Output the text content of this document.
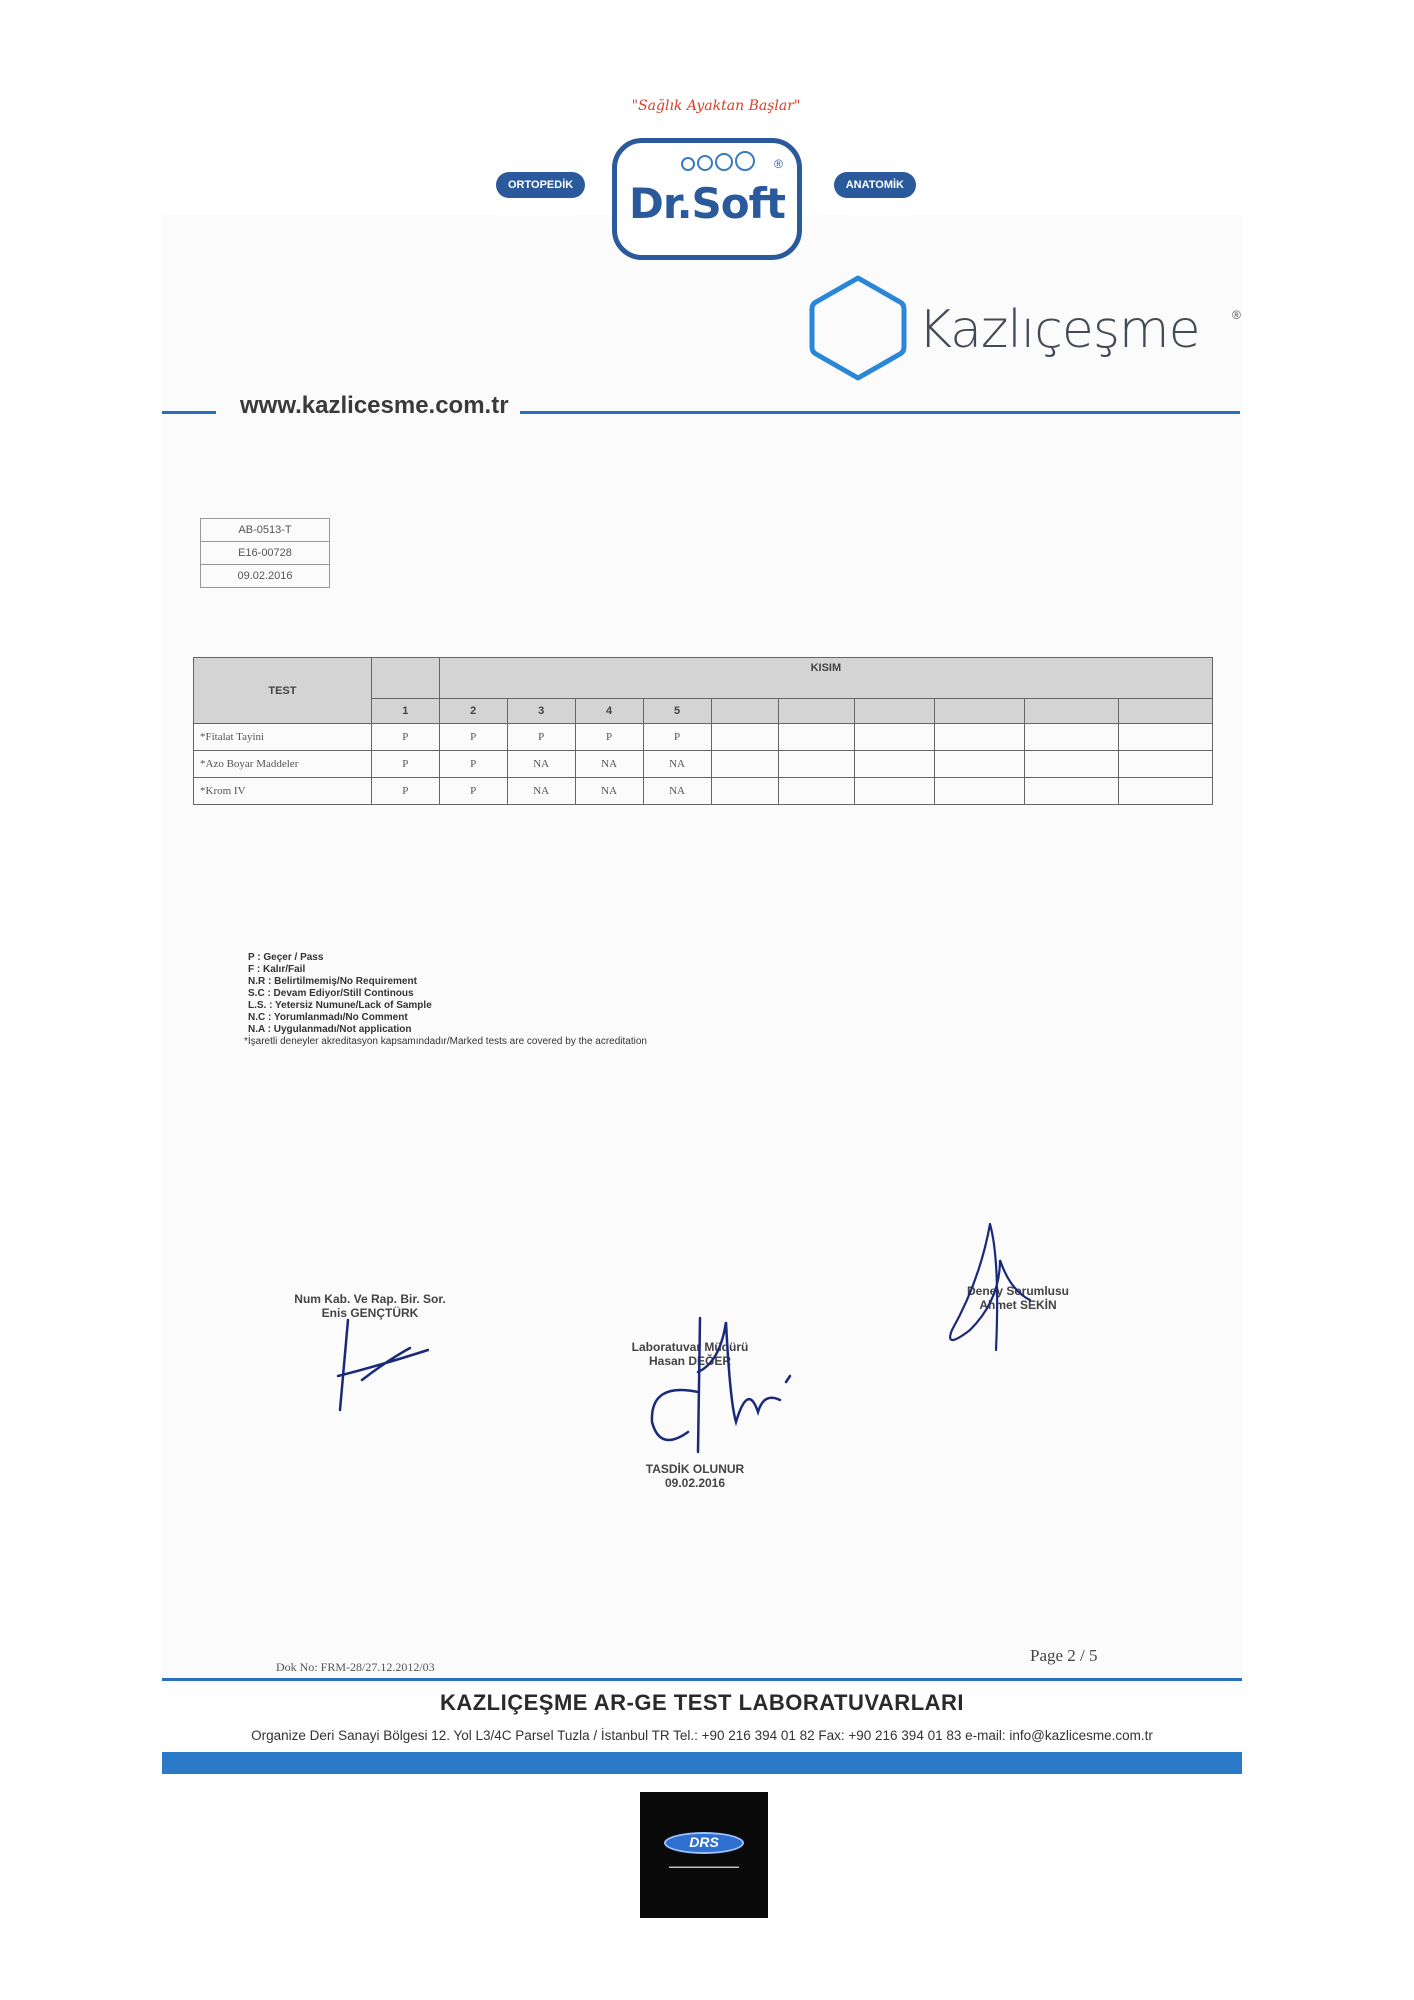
"Sağlık Ayaktan Başlar"
ORTOPEDİK	ANATOMİK
®
Dr.Soft
Kazlıçeşme	®
www.kazlicesme.com.tr
AB-0513-T
E16-00728
09.02.2016
TEST		KISIM									
	1	2	3	4	5						
*Fitalat Tayini	P	P	P	P	P						
*Azo Boyar Maddeler	P	P	NA	NA	NA						
*Krom IV	P	P	NA	NA	NA						
P : Geçer / Pass
F : Kalır/Fail
N.R : Belirtilmemiş/No Requirement
S.C : Devam Ediyor/Still Continous
L.S. : Yetersiz Numune/Lack of Sample
N.C : Yorumlanmadı/No Comment
N.A : Uygulanmadı/Not application
*İşaretli deneyler akreditasyon kapsamındadır/Marked tests are covered by the acreditation
Num Kab. Ve Rap. Bir. Sor.
Enis GENÇTÜRK
Laboratuvar Müdürü
Hasan DEĞER
Deney Sorumlusu
Ahmet SEKİN
TASDİK OLUNUR
09.02.2016
Dok No: FRM-28/27.12.2012/03
Page 2 / 5
KAZLIÇEŞME AR-GE TEST LABORATUVARLARI
Organize Deri Sanayi Bölgesi 12. Yol L3/4C Parsel Tuzla / İstanbul TR Tel.: +90 216 394 01 82 Fax: +90 216 394 01 83 e-mail: info@kazlicesme.com.tr
DRS
▬▬▬▬▬▬▬▬▬▬▬▬▬▬
